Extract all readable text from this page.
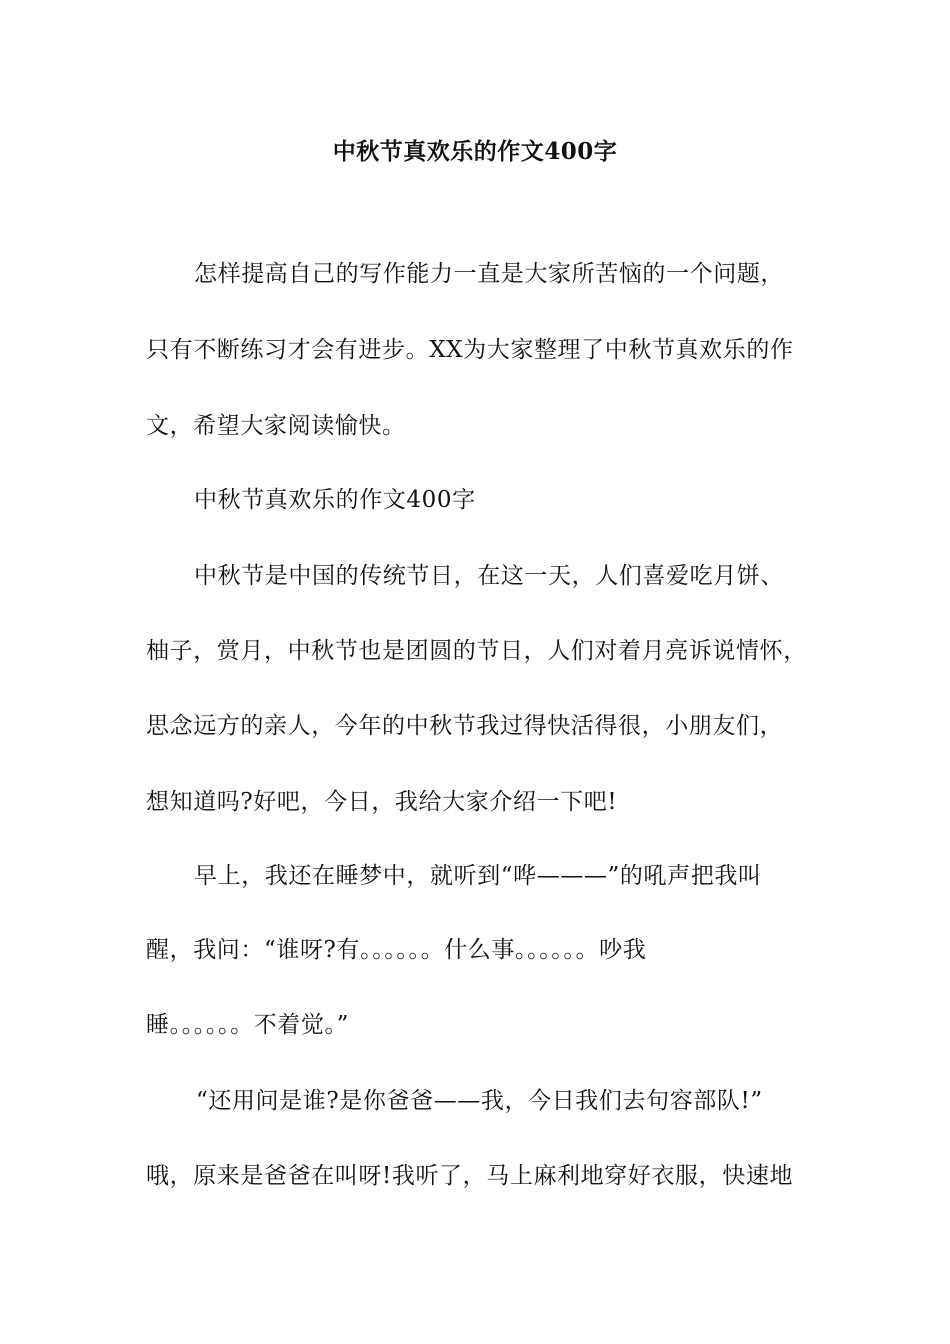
中秋节真欢乐的作文400字
怎样提高自己的写作能力一直是大家所苦恼的一个问题，
只有不断练习才会有进步。XX为大家整理了中秋节真欢乐的作
文，希望大家阅读愉快。
中秋节真欢乐的作文400字
中秋节是中国的传统节日，在这一天，人们喜爱吃月饼、
柚子，赏月，中秋节也是团圆的节日，人们对着月亮诉说情怀，
思念远方的亲人，今年的中秋节我过得快活得很，小朋友们，
想知道吗?好吧，今日，我给大家介绍一下吧!
早上，我还在睡梦中，就听到“哗———”的吼声把我叫
醒，我问：“谁呀?有。。。。。。什么事。。。。。。吵我
睡。。。。。。不着觉。”
“还用问是谁?是你爸爸——我，今日我们去句容部队!”
哦，原来是爸爸在叫呀!我听了，马上麻利地穿好衣服，快速地
